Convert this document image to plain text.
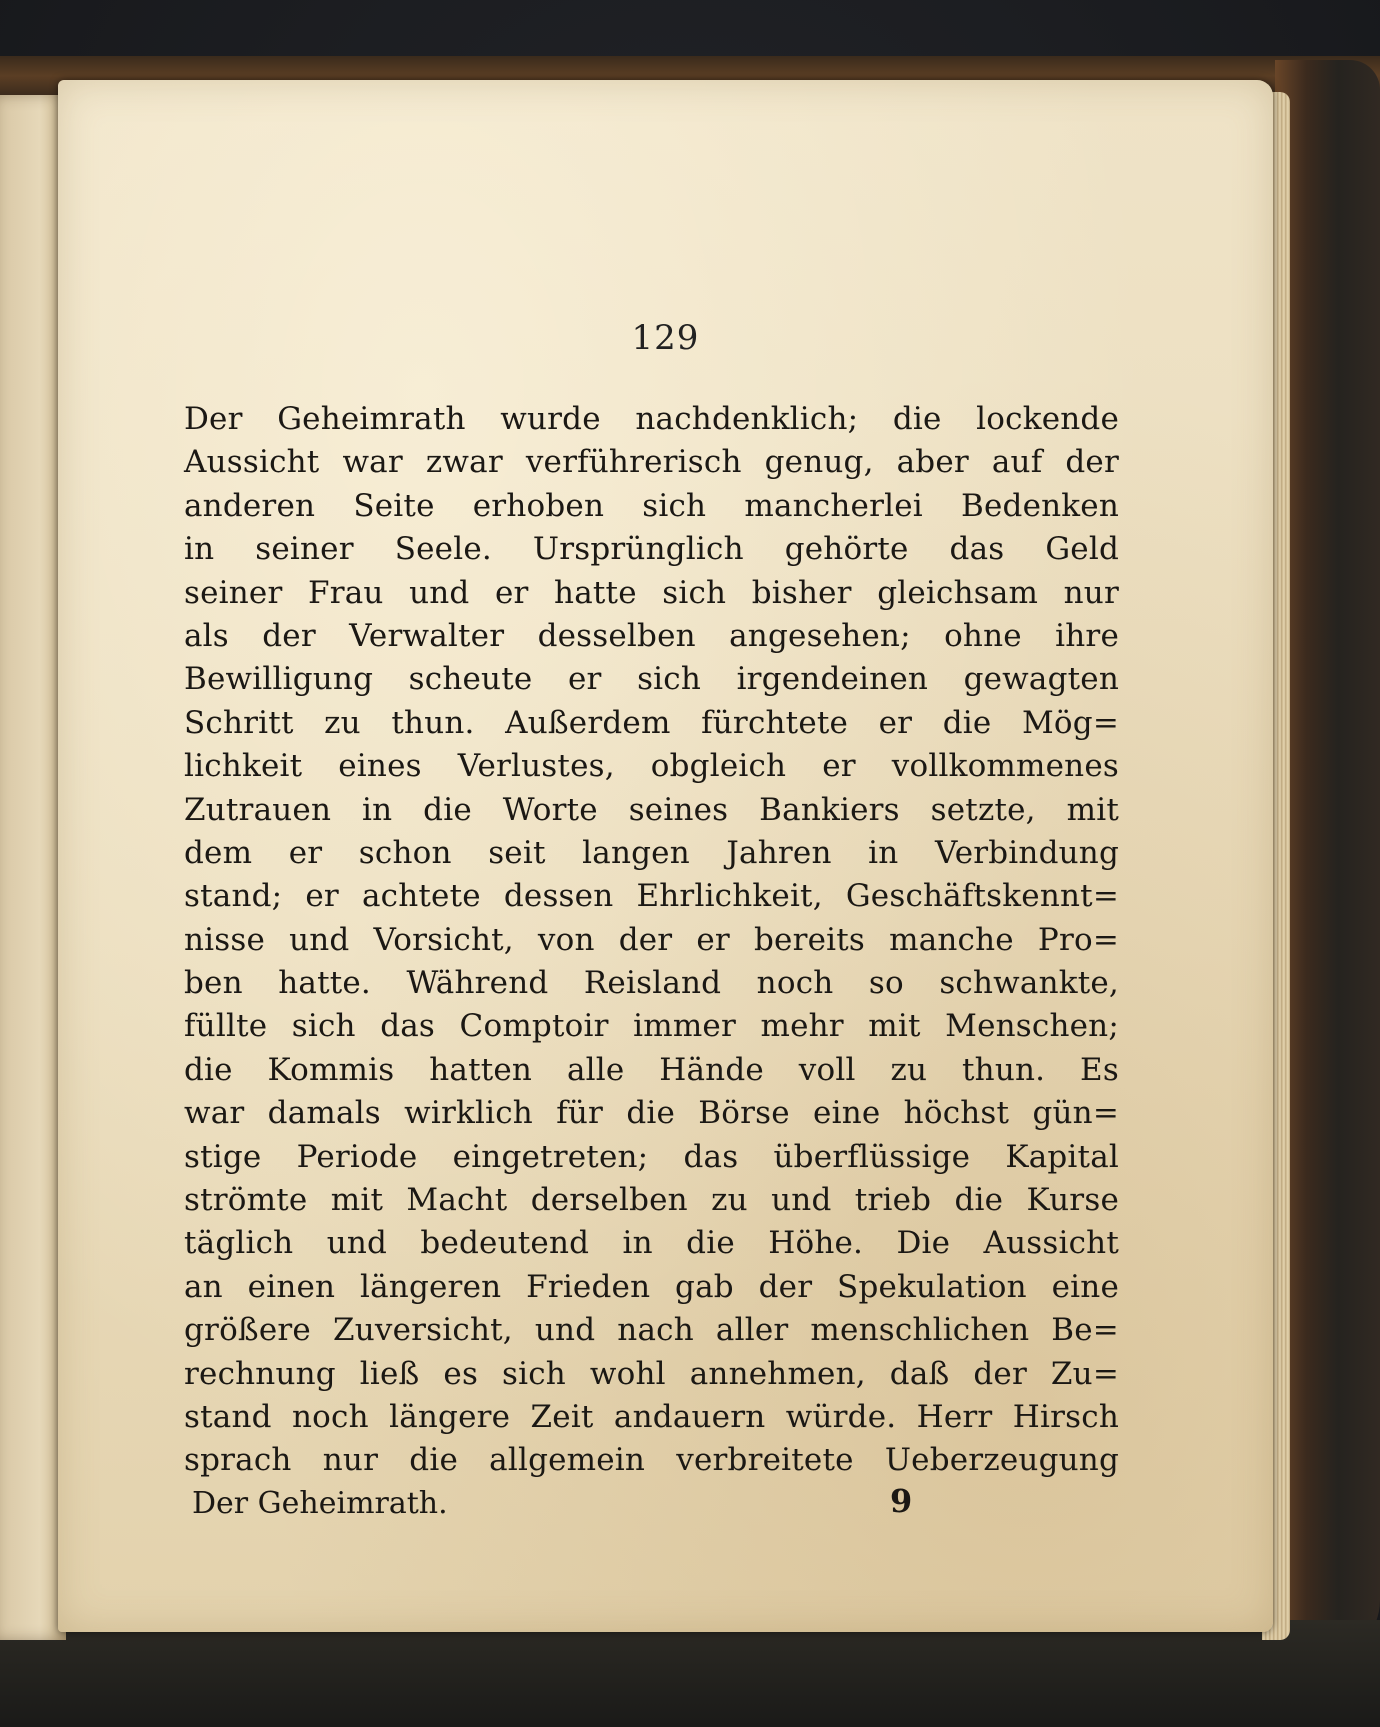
129
Der Geheimrath wurde nachdenklich; die lockende
Aussicht war zwar verführerisch genug, aber auf der
anderen Seite erhoben sich mancherlei Bedenken
in seiner Seele. Ursprünglich gehörte das Geld
seiner Frau und er hatte sich bisher gleichsam nur
als der Verwalter desselben angesehen; ohne ihre
Bewilligung scheute er sich irgendeinen gewagten
Schritt zu thun. Außerdem fürchtete er die Mög=
lichkeit eines Verlustes, obgleich er vollkommenes
Zutrauen in die Worte seines Bankiers setzte, mit
dem er schon seit langen Jahren in Verbindung
stand; er achtete dessen Ehrlichkeit, Geschäftskennt=
nisse und Vorsicht, von der er bereits manche Pro=
ben hatte. Während Reisland noch so schwankte,
füllte sich das Comptoir immer mehr mit Menschen;
die Kommis hatten alle Hände voll zu thun. Es
war damals wirklich für die Börse eine höchst gün=
stige Periode eingetreten; das überflüssige Kapital
strömte mit Macht derselben zu und trieb die Kurse
täglich und bedeutend in die Höhe. Die Aussicht
an einen längeren Frieden gab der Spekulation eine
größere Zuversicht, und nach aller menschlichen Be=
rechnung ließ es sich wohl annehmen, daß der Zu=
stand noch längere Zeit andauern würde. Herr Hirsch
sprach nur die allgemein verbreitete Ueberzeugung
Der Geheimrath.	9
